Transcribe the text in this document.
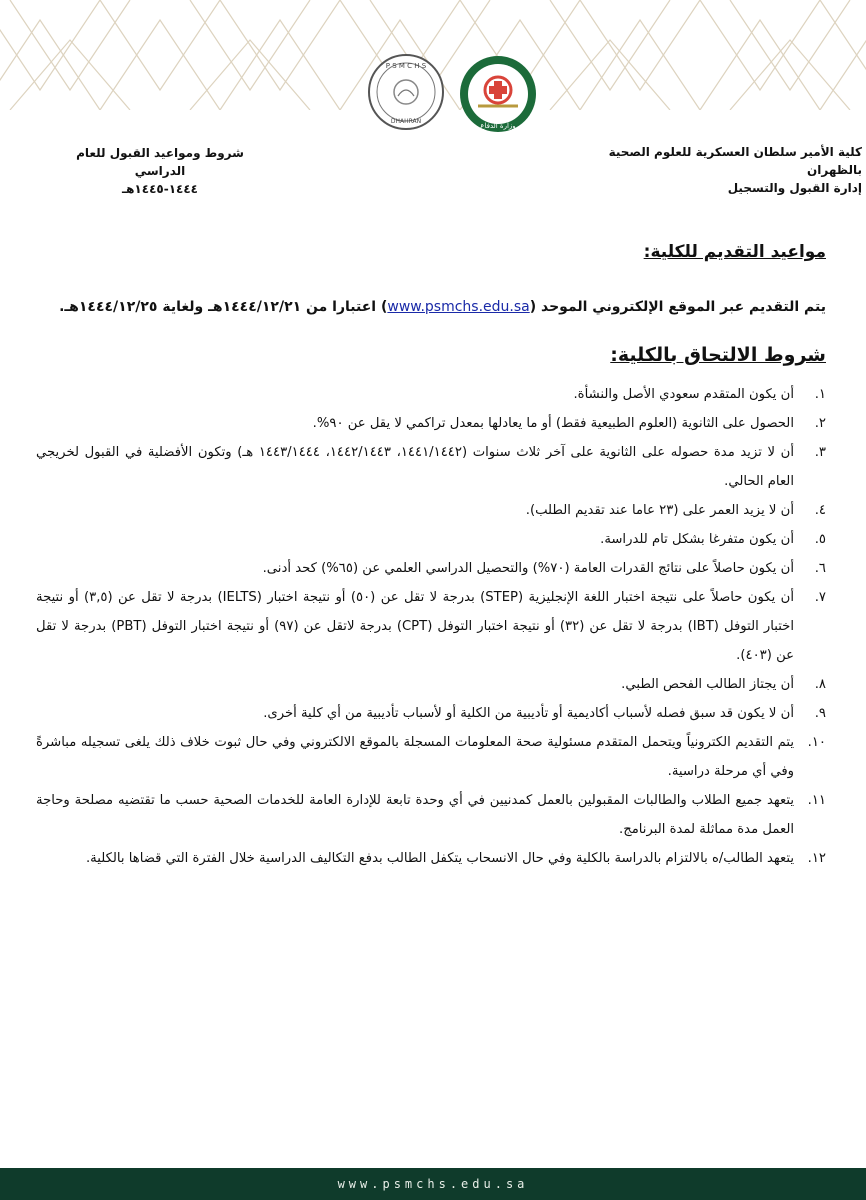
P S M C H S
DHAHRAN
وزارة الدفاع
كلية الأمير سلطان العسكرية للعلوم الصحية بالظهران
إدارة القبول والتسجيل
شروط ومواعيد القبول للعام الدراسي
١٤٤٤-١٤٤٥هـ
مواعيد التقديم للكلية:
يتم التقديم عبر الموقع الإلكتروني الموحد (www.psmchs.edu.sa) اعتبارا من ١٤٤٤/١٢/٢١هـ ولغاية ١٤٤٤/١٢/٢٥هـ.
شروط الالتحاق بالكلية:
١.
أن يكون المتقدم سعودي الأصل والنشأة.
٢.
الحصول على الثانوية (العلوم الطبيعية فقط) أو ما يعادلها بمعدل تراكمي لا يقل عن ٩٠%.
٣.
أن لا تزيد مدة حصوله على الثانوية على آخر ثلاث سنوات (١٤٤١/١٤٤٢، ١٤٤٢/١٤٤٣، ١٤٤٣/١٤٤٤ هـ) وتكون الأفضلية في القبول لخريجي العام الحالي.
٤.
أن لا يزيد العمر على (٢٣ عاما عند تقديم الطلب).
٥.
أن يكون متفرغا بشكل تام للدراسة.
٦.
أن يكون حاصلاً على نتائج القدرات العامة (٧٠%) والتحصيل الدراسي العلمي عن (٦٥%) كحد أدنى.
٧.
أن يكون حاصلاً على نتيجة اختبار اللغة الإنجليزية (STEP) بدرجة لا تقل عن (٥٠) أو نتيجة اختبار (IELTS) بدرجة لا تقل عن (٣,٥) أو نتيجة اختبار التوفل (IBT) بدرجة لا تقل عن (٣٢) أو نتيجة اختبار التوفل (CPT) بدرجة لاتقل عن (٩٧) أو نتيجة اختبار التوفل (PBT) بدرجة لا تقل عن (٤٠٣).
٨.
أن يجتاز الطالب الفحص الطبي.
٩.
أن لا يكون قد سبق فصله لأسباب أكاديمية أو تأديبية من الكلية أو لأسباب تأديبية من أي كلية أخرى.
١٠.
يتم التقديم الكترونياً ويتحمل المتقدم مسئولية صحة المعلومات المسجلة بالموقع الالكتروني وفي حال ثبوت خلاف ذلك يلغى تسجيله مباشرةً وفي أي مرحلة دراسية.
١١.
يتعهد جميع الطلاب والطالبات المقبولين بالعمل كمدنيين في أي وحدة تابعة للإدارة العامة للخدمات الصحية حسب ما تقتضيه مصلحة وحاجة العمل مدة مماثلة لمدة البرنامج.
١٢.
يتعهد الطالب/ه بالالتزام بالدراسة بالكلية وفي حال الانسحاب يتكفل الطالب بدفع التكاليف الدراسية خلال الفترة التي قضاها بالكلية.
www.psmchs.edu.sa
